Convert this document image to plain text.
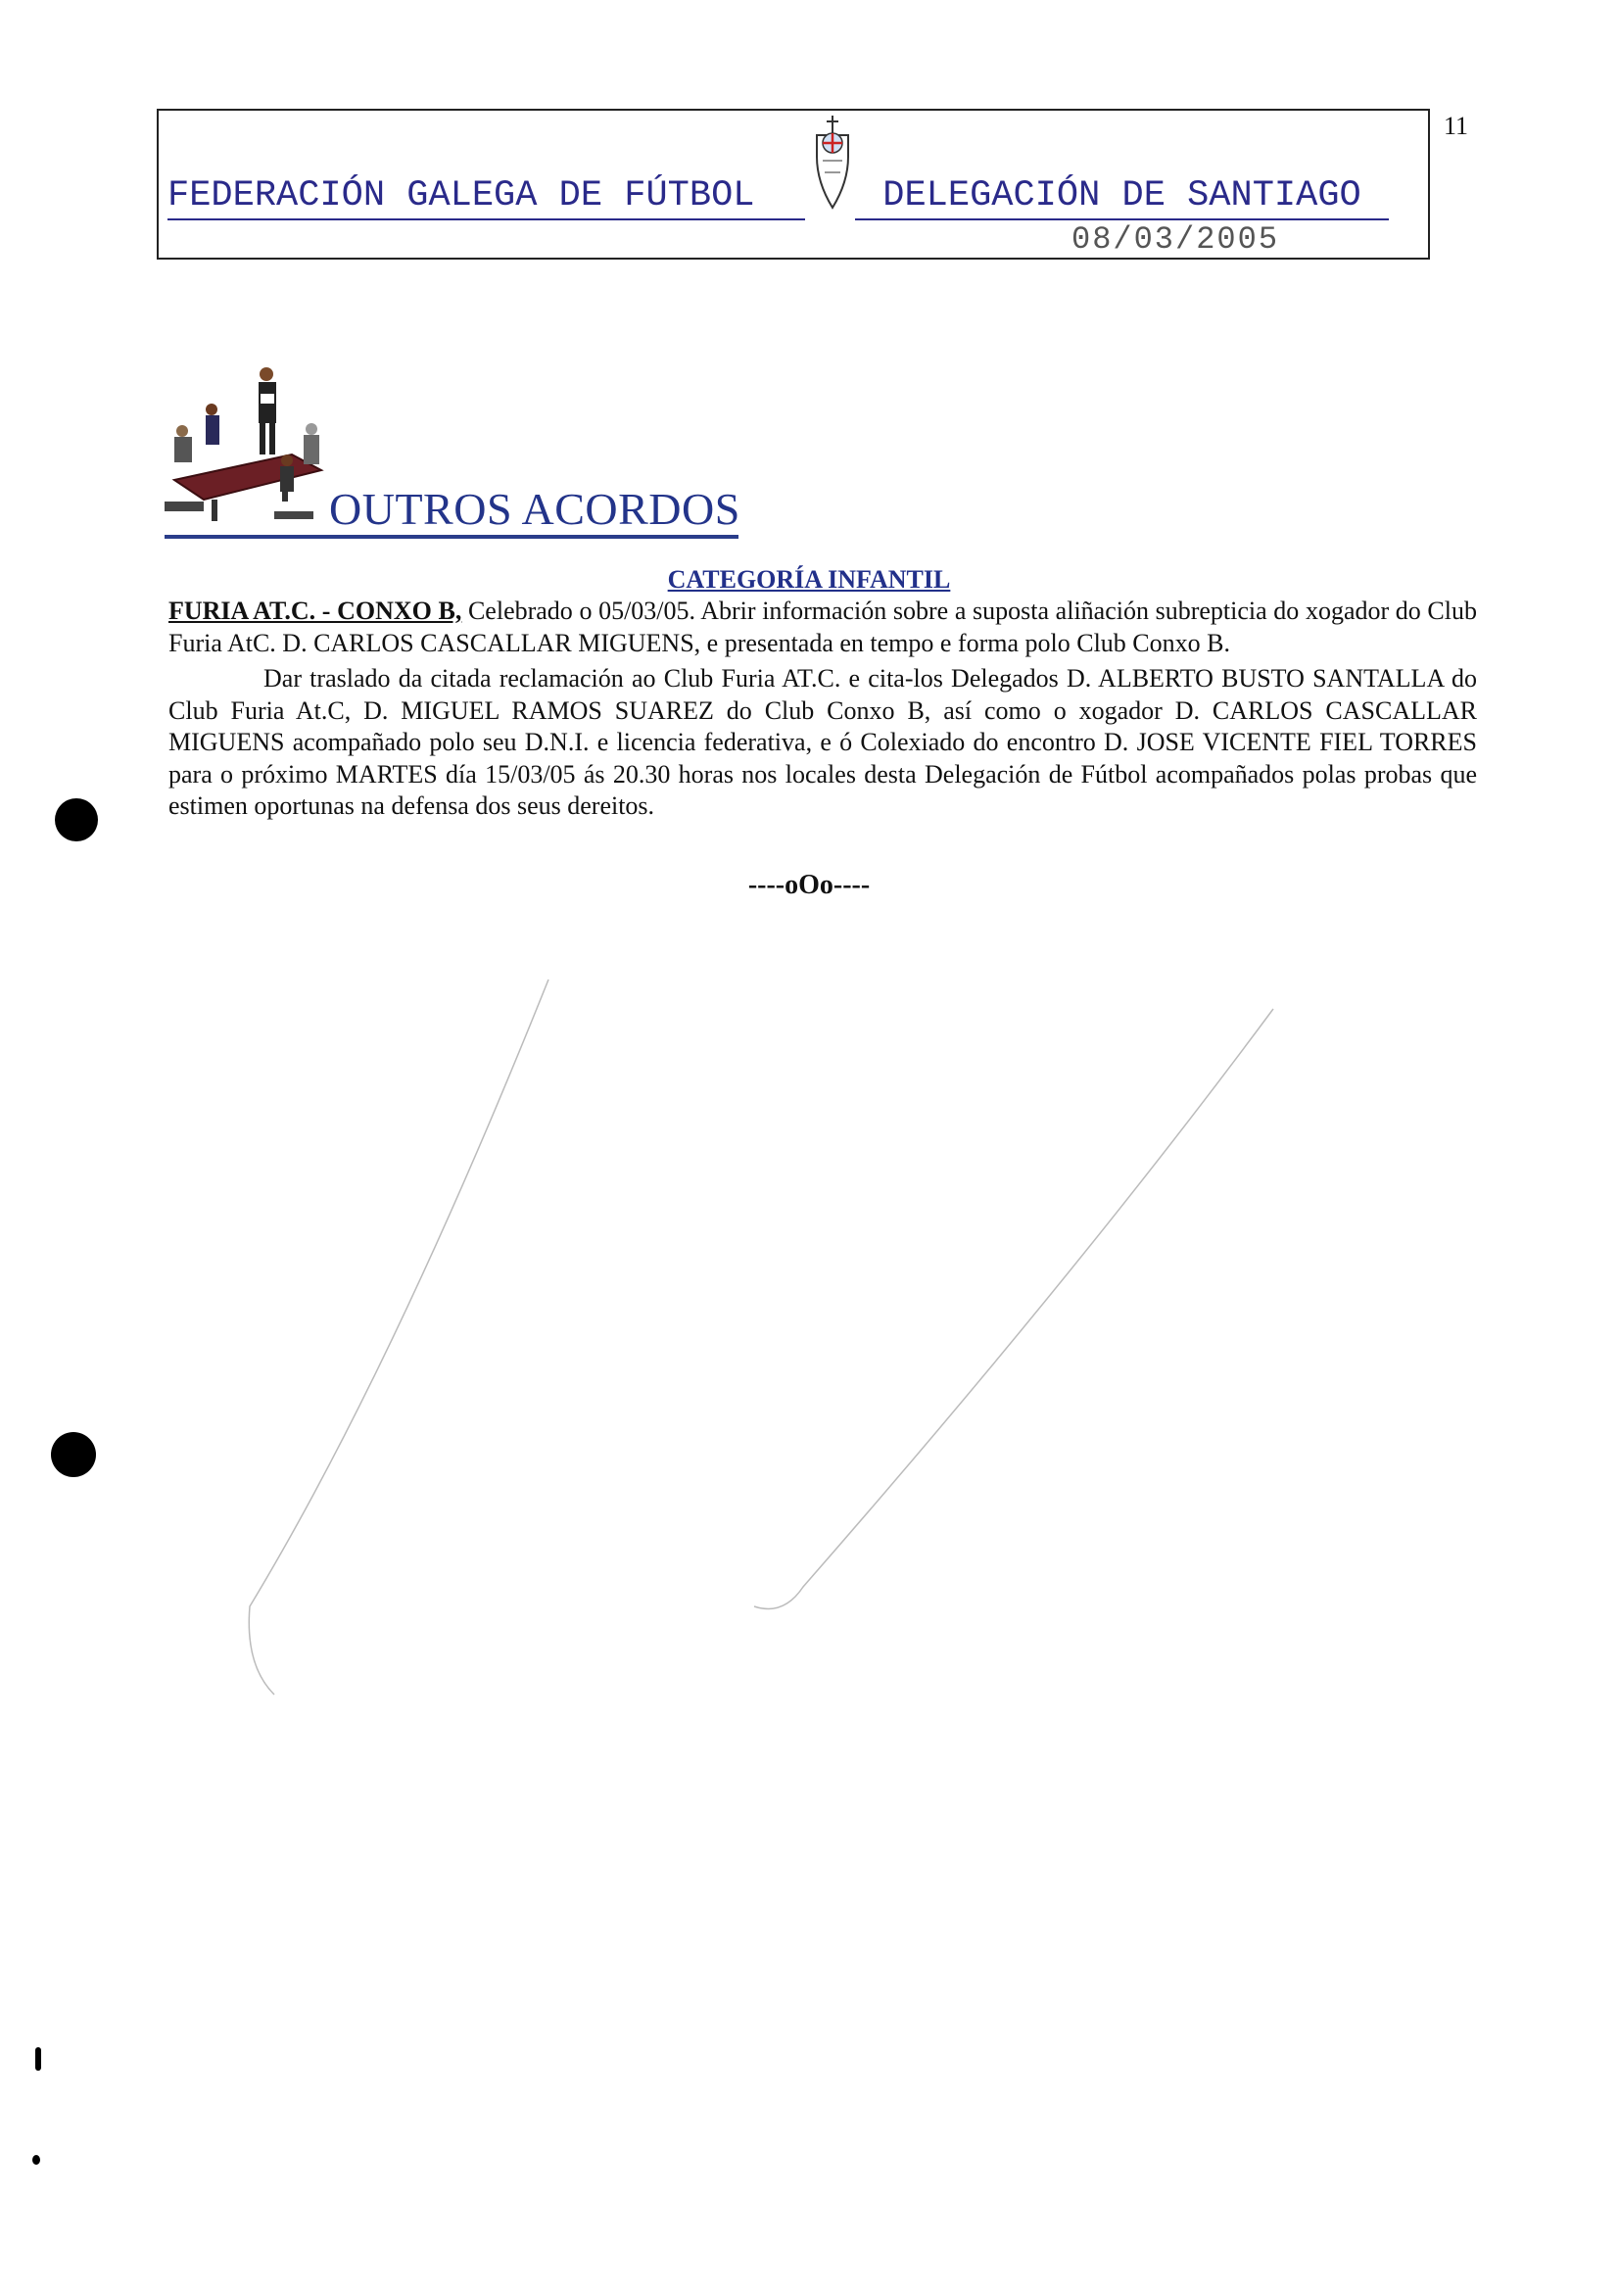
FEDERACIÓN GALEGA DE FÚTBOL	DELEGACIÓN DE SANTIAGO
08/03/2005
11
OUTROS ACORDOS
CATEGORÍA INFANTIL

FURIA AT.C. - CONXO B, Celebrado o 05/03/05. Abrir información sobre a suposta aliñación subrepticia do xogador do Club Furia AtC. D. CARLOS CASCALLAR MIGUENS, e presentada en tempo e forma polo Club Conxo B.

Dar traslado da citada reclamación ao Club Furia AT.C. e cita-los Delegados D. ALBERTO BUSTO SANTALLA do Club Furia At.C, D. MIGUEL RAMOS SUAREZ do Club Conxo B, así como o xogador D. CARLOS CASCALLAR MIGUENS acompañado polo seu D.N.I. e licencia federativa, e ó Colexiado do encontro D. JOSE VICENTE FIEL TORRES para o próximo MARTES día 15/03/05 ás 20.30 horas nos locales desta Delegación de Fútbol acompañados polas probas que estimen oportunas na defensa dos seus dereitos.

----oOo----
